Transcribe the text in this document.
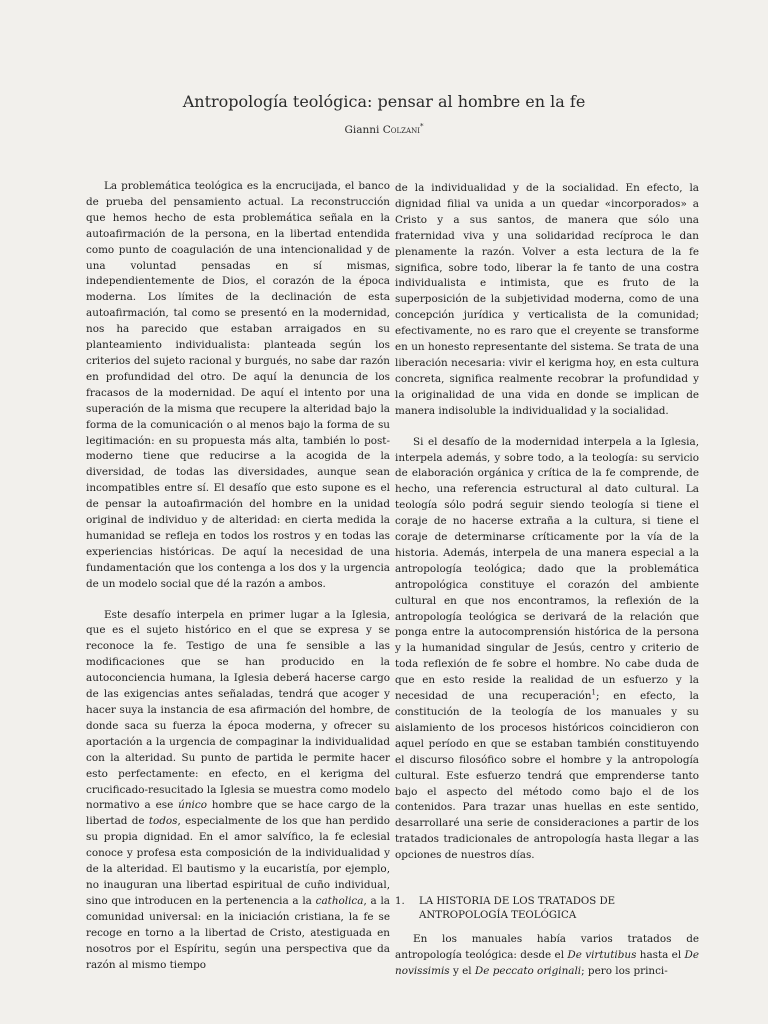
Antropología teológica: pensar al hombre en la fe
Gianni Colzani*

La problemática teológica es la encrucijada, el banco de prueba del pensamiento actual. La reconstrucción que hemos hecho de esta problemática señala en la autoafirmación de la persona, en la libertad entendida como punto de coagulación de una intencionalidad y de una voluntad pensadas en sí mismas, independientemente de Dios, el corazón de la época moderna. Los límites de la declinación de esta autoafirmación, tal como se presentó en la modernidad, nos ha parecido que estaban arraigados en su planteamiento individualista: planteada según los criterios del sujeto racional y burgués, no sabe dar razón en profundidad del otro. De aquí la denuncia de los fracasos de la modernidad. De aquí el intento por una superación de la misma que recupere la alteridad bajo la forma de la comunicación o al menos bajo la forma de su legitimación: en su propuesta más alta, también lo post-moderno tiene que reducirse a la acogida de la diversidad, de todas las diversidades, aunque sean incompatibles entre sí. El desafío que esto supone es el de pensar la autoafirmación del hombre en la unidad original de individuo y de alteridad: en cierta medida la humanidad se refleja en todos los rostros y en todas las experiencias históricas. De aquí la necesidad de una fundamentación que los contenga a los dos y la urgencia de un modelo social que dé la razón a ambos.

Este desafío interpela en primer lugar a la Iglesia, que es el sujeto histórico en el que se expresa y se reconoce la fe. Testigo de una fe sensible a las modificaciones que se han producido en la autoconciencia humana, la Iglesia deberá hacerse cargo de las exigencias antes señaladas, tendrá que acoger y hacer suya la instancia de esa afirmación del hombre, de donde saca su fuerza la época moderna, y ofrecer su aportación a la urgencia de compaginar la individualidad con la alteridad. Su punto de partida le permite hacer esto perfectamente: en efecto, en el kerigma del crucificado-resucitado la Iglesia se muestra como modelo normativo a ese único hombre que se hace cargo de la libertad de todos, especialmente de los que han perdido su propia dignidad. En el amor salvífico, la fe eclesial conoce y profesa esta composición de la individualidad y de la alteridad. El bautismo y la eucaristía, por ejemplo, no inauguran una libertad espiritual de cuño individual, sino que introducen en la pertenencia a la catholica, a la comunidad universal: en la iniciación cristiana, la fe se recoge en torno a la libertad de Cristo, atestiguada en nosotros por el Espíritu, según una perspectiva que da razón al mismo tiempo

de la individualidad y de la socialidad. En efecto, la dignidad filial va unida a un quedar «incorporados» a Cristo y a sus santos, de manera que sólo una fraternidad viva y una solidaridad recíproca le dan plenamente la razón. Volver a esta lectura de la fe significa, sobre todo, liberar la fe tanto de una costra individualista e intimista, que es fruto de la superposición de la subjetividad moderna, como de una concepción jurídica y verticalista de la comunidad; efectivamente, no es raro que el creyente se transforme en un honesto representante del sistema. Se trata de una liberación necesaria: vivir el kerigma hoy, en esta cultura concreta, significa realmente recobrar la profundidad y la originalidad de una vida en donde se implican de manera indisoluble la individualidad y la socialidad.

Si el desafío de la modernidad interpela a la Iglesia, interpela además, y sobre todo, a la teología: su servicio de elaboración orgánica y crítica de la fe comprende, de hecho, una referencia estructural al dato cultural. La teología sólo podrá seguir siendo teología si tiene el coraje de no hacerse extraña a la cultura, si tiene el coraje de determinarse críticamente por la vía de la historia. Además, interpela de una manera especial a la antropología teológica; dado que la problemática antropológica constituye el corazón del ambiente cultural en que nos encontramos, la reflexión de la antropología teológica se derivará de la relación que ponga entre la autocomprensión histórica de la persona y la humanidad singular de Jesús, centro y criterio de toda reflexión de fe sobre el hombre. No cabe duda de que en esto reside la realidad de un esfuerzo y la necesidad de una recuperación$^1$; en efecto, la constitución de la teología de los manuales y su aislamiento de los procesos históricos coincidieron con aquel período en que se estaban también constituyendo el discurso filosófico sobre el hombre y la antropología cultural. Este esfuerzo tendrá que emprenderse tanto bajo el aspecto del método como bajo el de los contenidos. Para trazar unas huellas en este sentido, desarrollaré una serie de consideraciones a partir de los tratados tradicionales de antropología hasta llegar a las opciones de nuestros días.

1.	LA HISTORIA DE LOS TRATADOS DE ANTROPOLOGÍA TEOLÓGICA

En los manuales había varios tratados de antropología teológica: desde el De virtutibus hasta el De novissimis y el De peccato originali; pero los princi-
